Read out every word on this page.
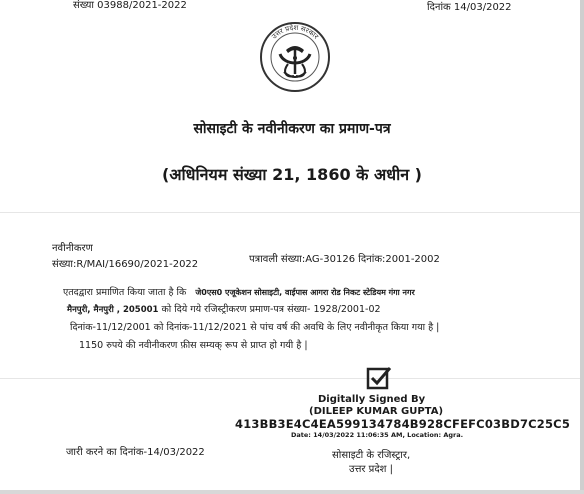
संख्या 03988/2021-2022	दिनांक 14/03/2022
उत्तर प्रदेश सरकार
सोसाइटी के नवीनीकरण का प्रमाण-पत्र
(अधिनियम संख्या 21, 1860 के अधीन )
नवीनीकरण
संख्या:R/MAI/16690/2021-2022	पत्रावली संख्या:AG-30126 दिनांक:2001-2002
एतदद्वारा प्रमाणित किया जाता है कि जे0एस0 एजूकेशन सोसाइटी, वाईपास आगरा रोड निकट स्टेडियम गंगा नगर
मैनपुरी, मैनपुरी , 205001 को दिये गये रजिस्ट्रीकरण प्रमाण-पत्र संख्या- 1928/2001-02
दिनांक-11/12/2001 को दिनांक-11/12/2021 से पांच वर्ष की अवधि के लिए नवीनीकृत किया गया है |
1150 रुपये की नवीनीकरण फ़ीस सम्यक् रूप से प्राप्त हो गयी है |
Digitally Signed By
(DILEEP KUMAR GUPTA)
413BB3E4C4EA599134784B928CFEFC03BD7C25C5
Date: 14/03/2022 11:06:35 AM, Location: Agra.
जारी करने का दिनांक-14/03/2022	सोसाइटी के रजिस्ट्रार,
उत्तर प्रदेश |
